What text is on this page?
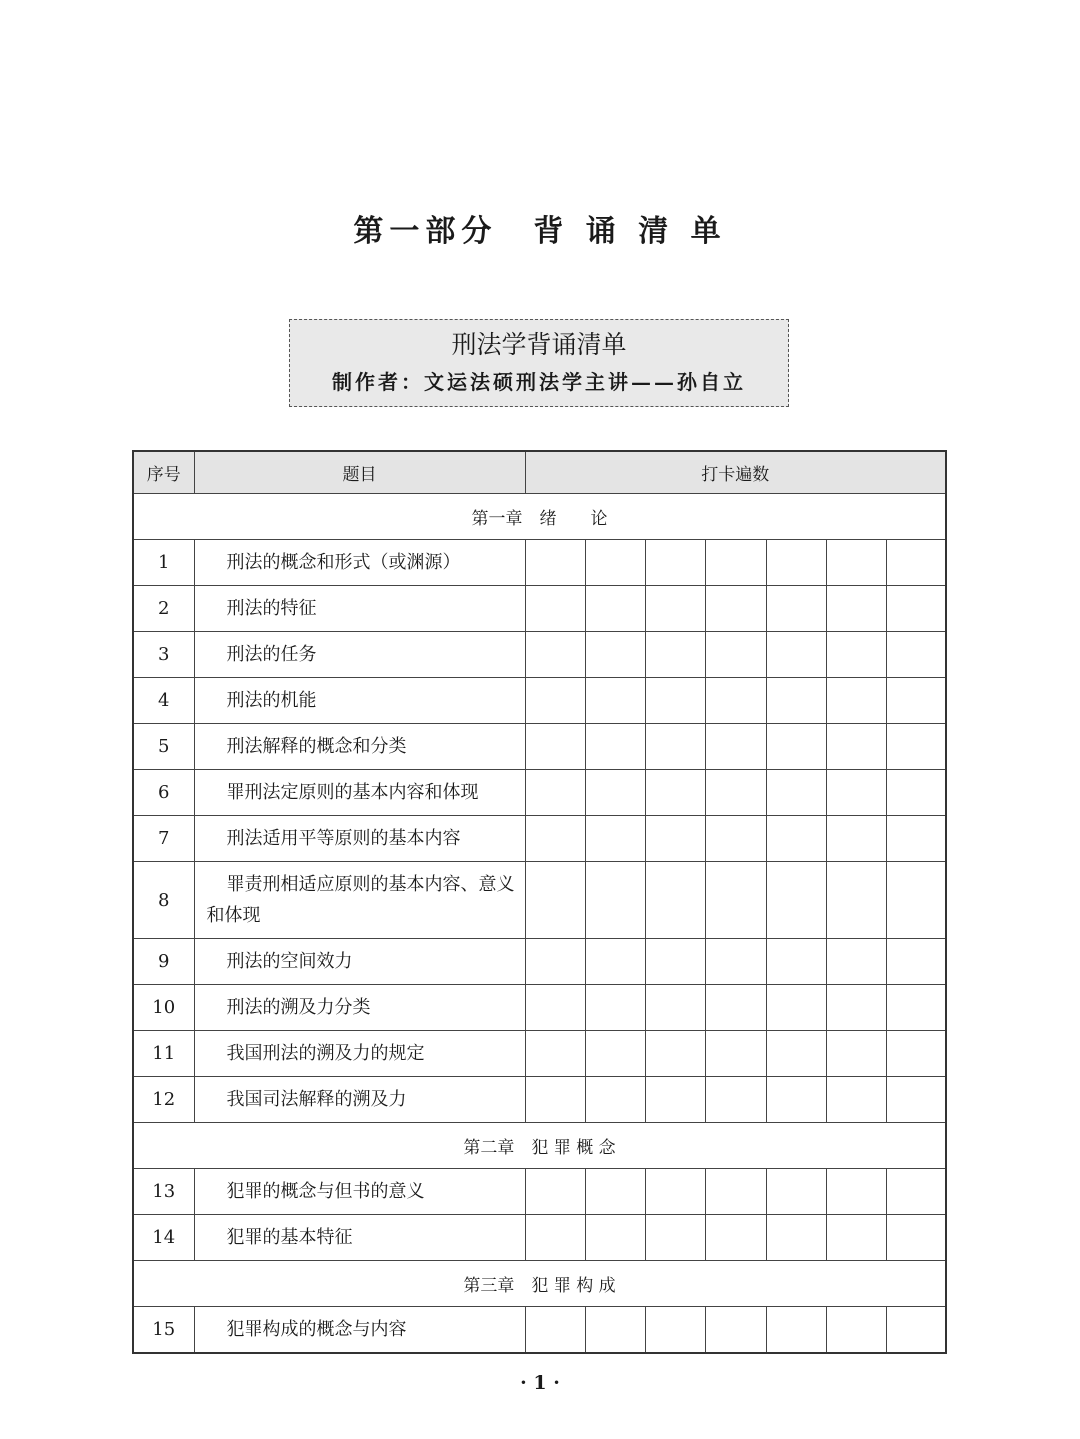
第一部分　背 诵 清 单
刑法学背诵清单
制作者：文运法硕刑法学主讲——孙自立
序号	题目	打卡遍数						
第一章　绪　　论								
1	刑法的概念和形式（或渊源）							
2	刑法的特征							
3	刑法的任务							
4	刑法的机能							
5	刑法解释的概念和分类							
6	罪刑法定原则的基本内容和体现							
7	刑法适用平等原则的基本内容							
8	罪责刑相适应原则的基本内容、意义和体现							
9	刑法的空间效力							
10	刑法的溯及力分类							
11	我国刑法的溯及力的规定							
12	我国司法解释的溯及力							
第二章　犯 罪 概 念								
13	犯罪的概念与但书的意义							
14	犯罪的基本特征							
第三章　犯 罪 构 成								
15	犯罪构成的概念与内容							
· 1 ·
